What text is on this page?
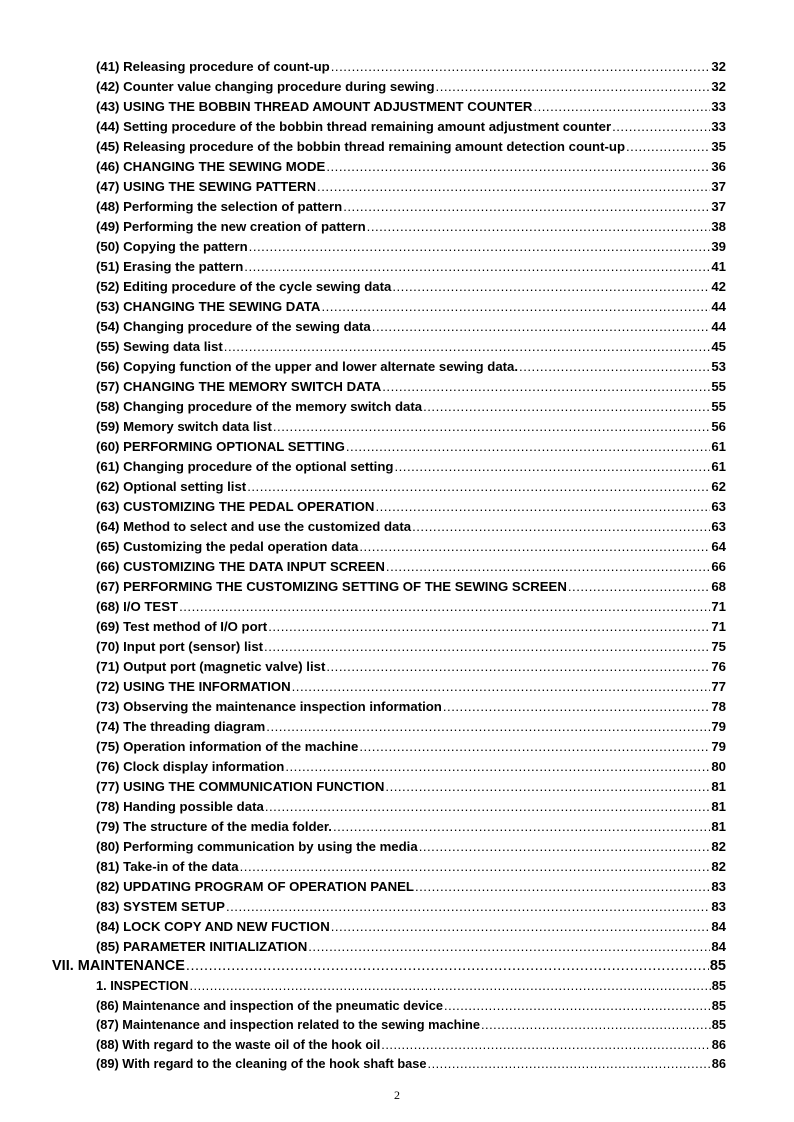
(41) Releasing procedure of count-up .....	32
(42) Counter value changing procedure during sewing .....	32
(43) USING THE BOBBIN THREAD AMOUNT ADJUSTMENT COUNTER .....	33
(44) Setting procedure of the bobbin thread remaining amount adjustment counter .....	33
(45) Releasing procedure of the bobbin thread remaining amount detection count-up .....	35
(46) CHANGING THE SEWING MODE .....	36
(47) USING THE SEWING PATTERN .....	37
(48) Performing the selection of pattern .....	37
(49) Performing the new creation of pattern .....	38
(50) Copying the pattern .....	39
(51) Erasing the pattern .....	41
(52) Editing procedure of the cycle sewing data .....	42
(53) CHANGING THE SEWING DATA .....	44
(54) Changing procedure of the sewing data .....	44
(55) Sewing data list .....	45
(56) Copying function of the upper and lower alternate sewing data. .....	53
(57) CHANGING THE MEMORY SWITCH DATA .....	55
(58) Changing procedure of the memory switch data .....	55
(59) Memory switch data list .....	56
(60) PERFORMING OPTIONAL SETTING .....	61
(61) Changing procedure of the optional setting .....	61
(62) Optional setting list .....	62
(63) CUSTOMIZING THE PEDAL OPERATION .....	63
(64) Method to select and use the customized data .....	63
(65) Customizing the pedal operation data .....	64
(66) CUSTOMIZING THE DATA INPUT SCREEN .....	66
(67) PERFORMING THE CUSTOMIZING SETTING OF THE SEWING SCREEN .....	68
(68) I/O TEST .....	71
(69) Test method of I/O port .....	71
(70) Input port (sensor) list .....	75
(71) Output port (magnetic valve) list .....	76
(72) USING THE INFORMATION .....	77
(73) Observing the maintenance inspection information .....	78
(74) The threading diagram .....	79
(75) Operation information of the machine .....	79
(76) Clock display information .....	80
(77) USING THE COMMUNICATION FUNCTION .....	81
(78) Handing possible data .....	81
(79) The structure of the media folder. .....	81
(80) Performing communication by using the media .....	82
(81) Take-in of the data .....	82
(82) UPDATING PROGRAM OF OPERATION PANEL .....	83
(83) SYSTEM SETUP .....	83
(84) LOCK COPY AND NEW FUCTION .....	84
(85) PARAMETER INITIALIZATION .....	84
VII. MAINTENANCE .....	85
1. INSPECTION .....	85
(86) Maintenance and inspection of the pneumatic device .....	85
(87) Maintenance and inspection related to the sewing machine .....	85
(88) With regard to the waste oil of the hook oil .....	86
(89) With regard to the cleaning of the hook shaft base .....	86
2
